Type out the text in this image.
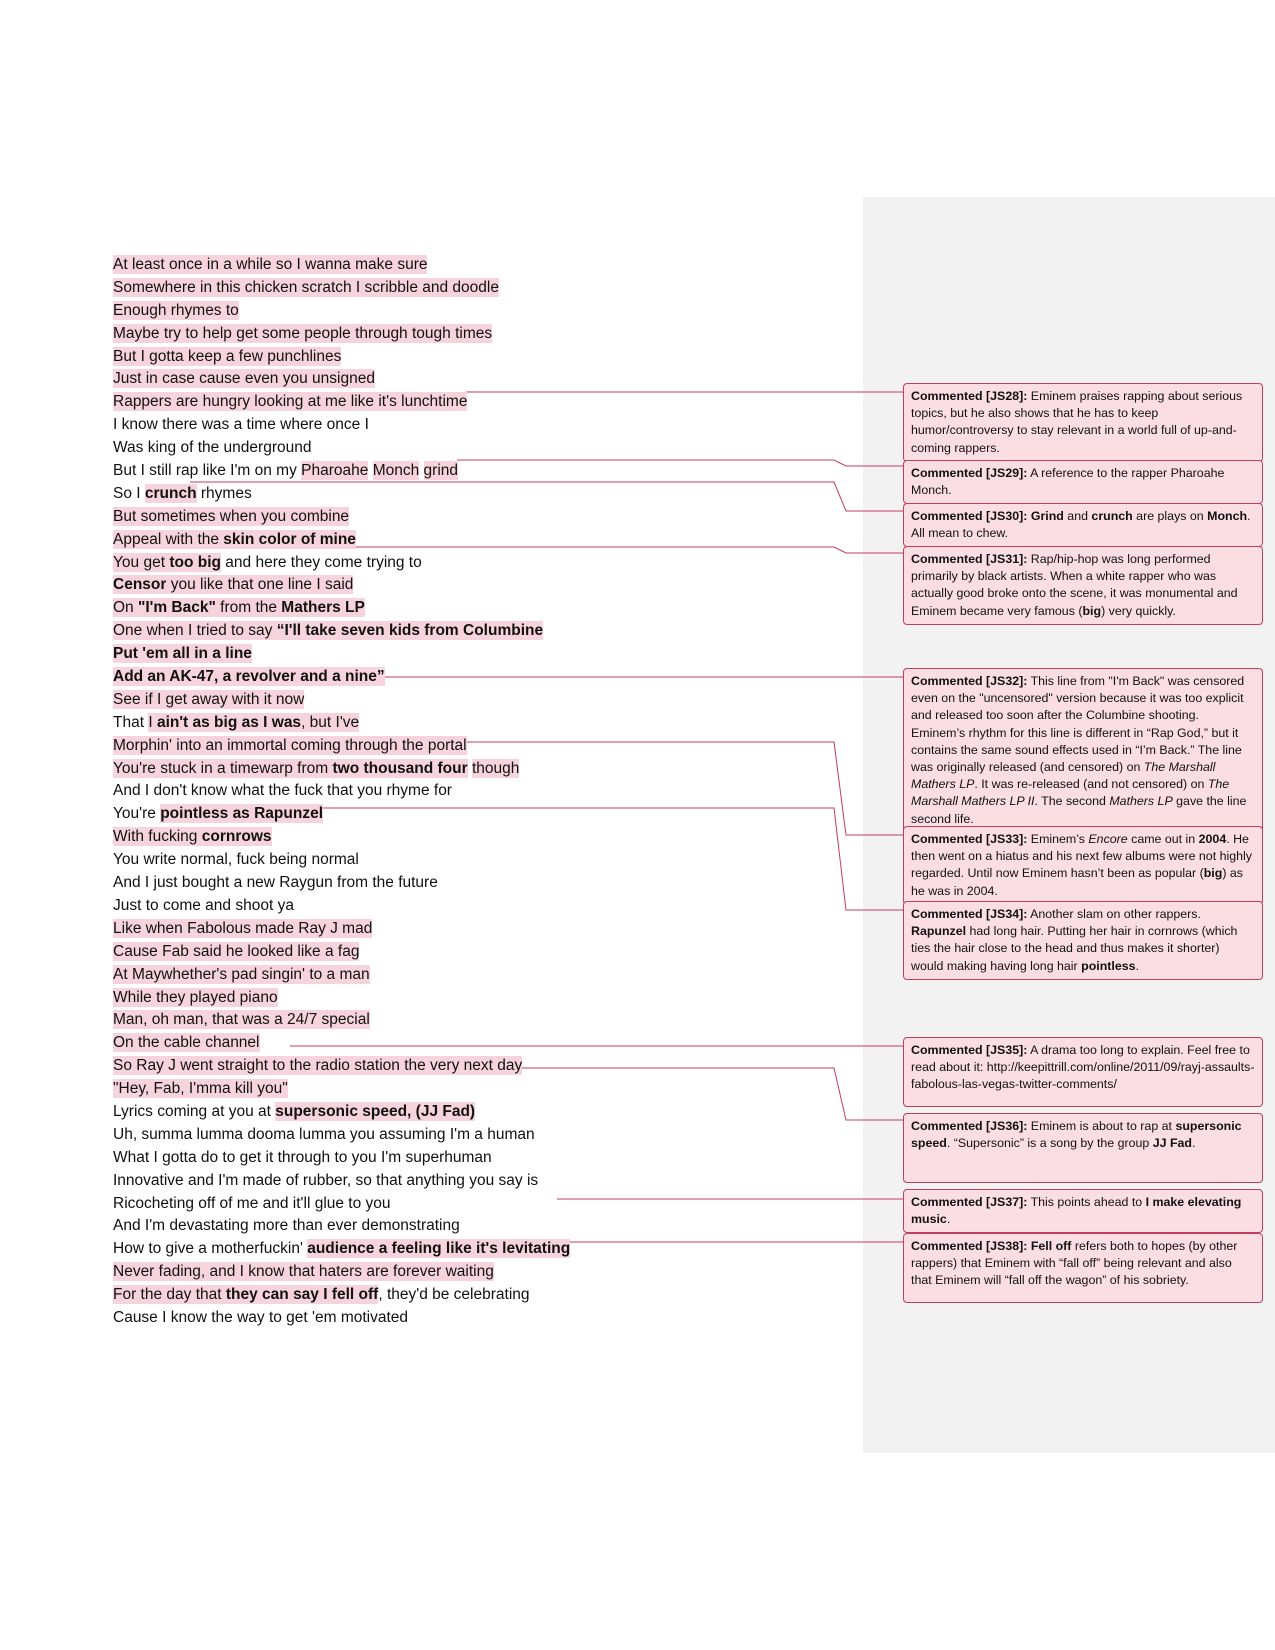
At least once in a while so I wanna make sure
Somewhere in this chicken scratch I scribble and doodle
Enough rhymes to
Maybe try to help get some people through tough times
But I gotta keep a few punchlines
Just in case cause even you unsigned
Rappers are hungry looking at me like it's lunchtime
I know there was a time where once I
Was king of the underground
But I still rap like I'm on my Pharoahe Monch grind
So I crunch rhymes
But sometimes when you combine
Appeal with the skin color of mine
You get too big and here they come trying to
Censor you like that one line I said
On "I'm Back" from the Mathers LP
One when I tried to say “I'll take seven kids from Columbine
Put 'em all in a line
Add an AK-47, a revolver and a nine”
See if I get away with it now
That I ain't as big as I was, but I've
Morphin' into an immortal coming through the portal
You're stuck in a timewarp from two thousand four though
And I don't know what the fuck that you rhyme for
You're pointless as Rapunzel
With fucking cornrows
You write normal, fuck being normal
And I just bought a new Raygun from the future
Just to come and shoot ya
Like when Fabolous made Ray J mad
Cause Fab said he looked like a fag
At Maywhether's pad singin' to a man
While they played piano
Man, oh man, that was a 24/7 special
On the cable channel
So Ray J went straight to the radio station the very next day
"Hey, Fab, I'mma kill you"
Lyrics coming at you at supersonic speed, (JJ Fad)
Uh, summa lumma dooma lumma you assuming I'm a human
What I gotta do to get it through to you I'm superhuman
Innovative and I'm made of rubber, so that anything you say is
Ricocheting off of me and it'll glue to you
And I'm devastating more than ever demonstrating
How to give a motherfuckin' audience a feeling like it's levitating
Never fading, and I know that haters are forever waiting
For the day that they can say I fell off, they'd be celebrating
Cause I know the way to get 'em motivated
Commented [JS28]: Eminem praises rapping about serious topics, but he also shows that he has to keep humor/controversy to stay relevant in a world full of up-and-coming rappers.
Commented [JS29]: A reference to the rapper Pharoahe Monch.
Commented [JS30]: Grind and crunch are plays on Monch. All mean to chew.
Commented [JS31]: Rap/hip-hop was long performed primarily by black artists. When a white rapper who was actually good broke onto the scene, it was monumental and Eminem became very famous (big) very quickly.
Commented [JS32]: This line from "I'm Back" was censored even on the "uncensored" version because it was too explicit and released too soon after the Columbine shooting. Eminem’s rhythm for this line is different in “Rap God,” but it contains the same sound effects used in “I’m Back.” The line was originally released (and censored) on The Marshall Mathers LP. It was re-released (and not censored) on The Marshall Mathers LP II. The second Mathers LP gave the line second life.
Commented [JS33]: Eminem’s Encore came out in 2004. He then went on a hiatus and his next few albums were not highly regarded. Until now Eminem hasn’t been as popular (big) as he was in 2004.
Commented [JS34]: Another slam on other rappers. Rapunzel had long hair. Putting her hair in cornrows (which ties the hair close to the head and thus makes it shorter) would making having long hair pointless.
Commented [JS35]: A drama too long to explain. Feel free to read about it: http://keepittrill.com/online/2011/09/rayj-assaults-fabolous-las-vegas-twitter-comments/
Commented [JS36]: Eminem is about to rap at supersonic speed. “Supersonic” is a song by the group JJ Fad.
Commented [JS37]: This points ahead to I make elevating music.
Commented [JS38]: Fell off refers both to hopes (by other rappers) that Eminem with “fall off” being relevant and also that Eminem will “fall off the wagon” of his sobriety.
